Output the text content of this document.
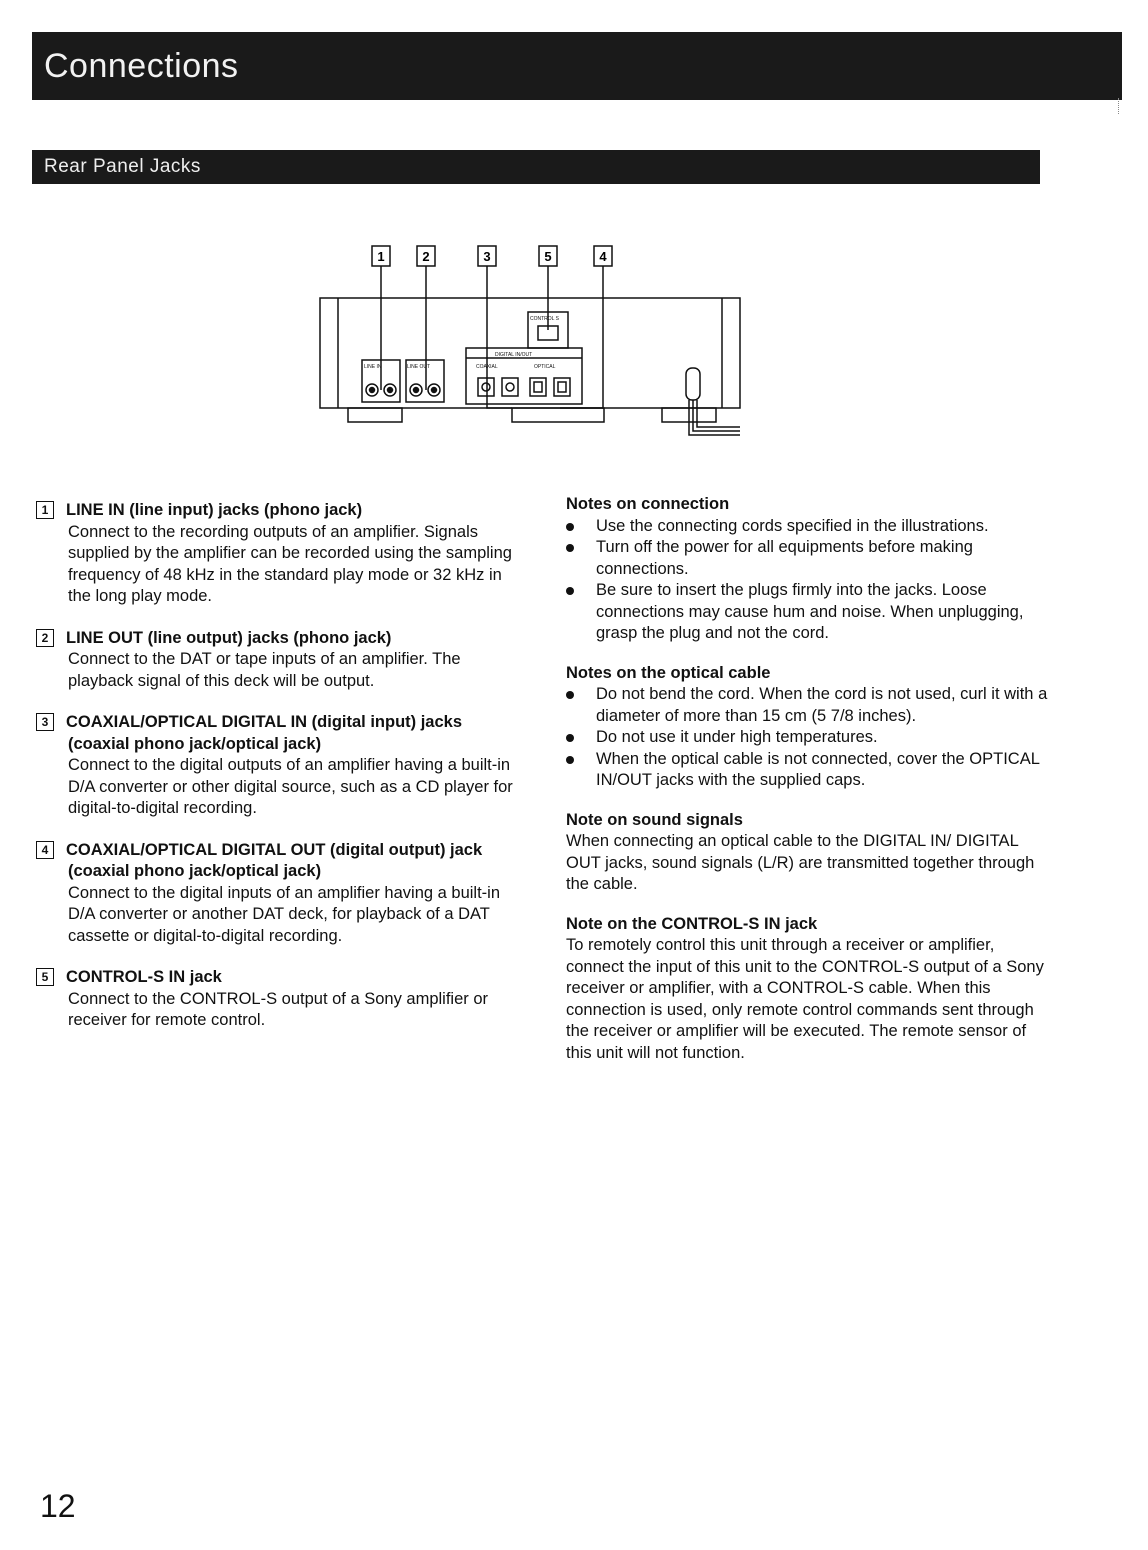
Connections
Rear Panel Jacks
1	2	3	5	4
LINE IN	LINE OUT
DIGITAL IN/OUT
COAXIAL	OPTICAL
CONTROL S
1	LINE IN (line input) jacks (phono jack)
Connect to the recording outputs of an amplifier. Signals supplied by the amplifier can be recorded using the sampling frequency of 48 kHz in the standard play mode or 32 kHz in the long play mode.
2	LINE OUT (line output) jacks (phono jack)
Connect to the DAT or tape inputs of an amplifier. The playback signal of this deck will be output.
3	COAXIAL/OPTICAL DIGITAL IN (digital input) jacks
(coaxial phono jack/optical jack)
Connect to the digital outputs of an amplifier having a built-in D/A converter or other digital source, such as a CD player for digital-to-digital recording.
4	COAXIAL/OPTICAL DIGITAL OUT (digital output) jack
(coaxial phono jack/optical jack)
Connect to the digital inputs of an amplifier having a built-in D/A converter or another DAT deck, for playback of a DAT cassette or digital-to-digital recording.
5	CONTROL-S IN jack
Connect to the CONTROL-S output of a Sony amplifier or receiver for remote control.
Notes on connection
Use the connecting cords specified in the illustrations.
Turn off the power for all equipments before making connections.
Be sure to insert the plugs firmly into the jacks. Loose connections may cause hum and noise. When unplugging, grasp the plug and not the cord.
Notes on the optical cable
Do not bend the cord. When the cord is not used, curl it with a diameter of more than 15 cm (5 7/8 inches).
Do not use it under high temperatures.
When the optical cable is not connected, cover the OPTICAL IN/OUT jacks with the supplied caps.
Note on sound signals
When connecting an optical cable to the DIGITAL IN/ DIGITAL OUT jacks, sound signals (L/R) are transmitted together through the cable.
Note on the CONTROL-S IN jack
To remotely control this unit through a receiver or amplifier, connect the input of this unit to the CONTROL-S output of a Sony receiver or amplifier, with a CONTROL-S cable. When this connection is used, only remote control commands sent through the receiver or amplifier will be executed. The remote sensor of this unit will not function.
12
